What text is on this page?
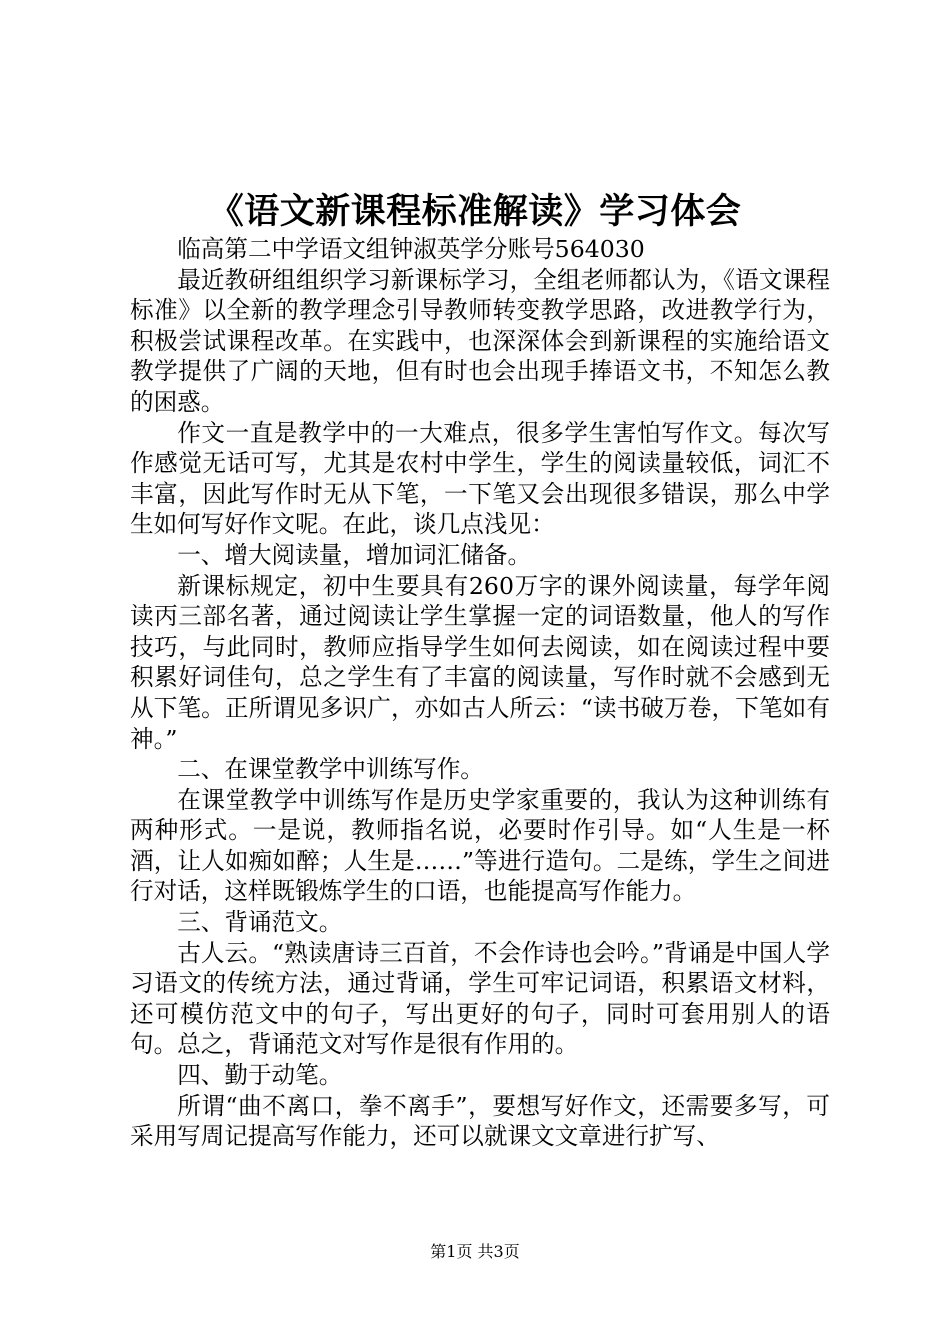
《语文新课程标准解读》学习体会

临高第二中学语文组钟淑英学分账号564030

最近教研组组织学习新课标学习，全组老师都认为，《语文课程标准》以全新的教学理念引导教师转变教学思路，改进教学行为，积极尝试课程改革。在实践中，也深深体会到新课程的实施给语文教学提供了广阔的天地，但有时也会出现手捧语文书，不知怎么教的困惑。

作文一直是教学中的一大难点，很多学生害怕写作文。每次写作感觉无话可写，尤其是农村中学生，学生的阅读量较低，词汇不丰富，因此写作时无从下笔，一下笔又会出现很多错误，那么中学生如何写好作文呢。在此，谈几点浅见：

一、增大阅读量，增加词汇储备。

新课标规定，初中生要具有260万字的课外阅读量，每学年阅读丙三部名著，通过阅读让学生掌握一定的词语数量，他人的写作技巧，与此同时，教师应指导学生如何去阅读，如在阅读过程中要积累好词佳句，总之学生有了丰富的阅读量，写作时就不会感到无从下笔。正所谓见多识广，亦如古人所云：“读书破万卷，下笔如有神。”

二、在课堂教学中训练写作。

在课堂教学中训练写作是历史学家重要的，我认为这种训练有两种形式。一是说，教师指名说，必要时作引导。如“人生是一杯酒，让人如痴如醉；人生是……”等进行造句。二是练，学生之间进行对话，这样既锻炼学生的口语，也能提高写作能力。

三、背诵范文。

古人云。“熟读唐诗三百首，不会作诗也会吟。”背诵是中国人学习语文的传统方法，通过背诵，学生可牢记词语，积累语文材料，还可模仿范文中的句子，写出更好的句子，同时可套用别人的语句。总之，背诵范文对写作是很有作用的。

四、勤于动笔。

所谓“曲不离口，拳不离手”，要想写好作文，还需要多写，可采用写周记提高写作能力，还可以就课文文章进行扩写、

第1页 共3页
